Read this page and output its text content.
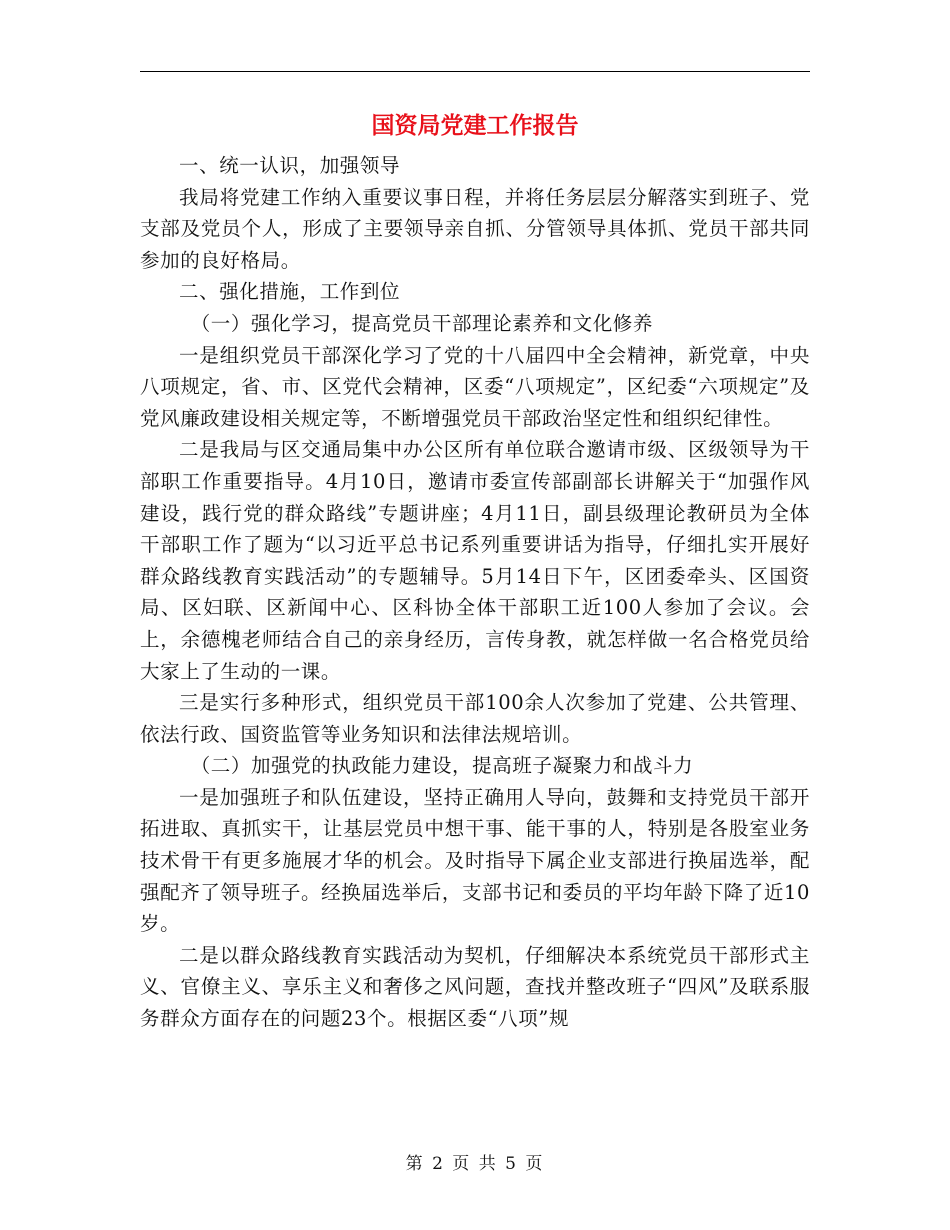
国资局党建工作报告

一、统一认识，加强领导

我局将党建工作纳入重要议事日程，并将任务层层分解落实到班子、党支部及党员个人，形成了主要领导亲自抓、分管领导具体抓、党员干部共同参加的良好格局。

二、强化措施，工作到位

（一）强化学习，提高党员干部理论素养和文化修养

一是组织党员干部深化学习了党的十八届四中全会精神，新党章，中央八项规定，省、市、区党代会精神，区委“八项规定”，区纪委“六项规定”及党风廉政建设相关规定等，不断增强党员干部政治坚定性和组织纪律性。

二是我局与区交通局集中办公区所有单位联合邀请市级、区级领导为干部职工作重要指导。4月10日，邀请市委宣传部副部长讲解关于“加强作风建设，践行党的群众路线”专题讲座；4月11日，副县级理论教研员为全体干部职工作了题为“以习近平总书记系列重要讲话为指导，仔细扎实开展好群众路线教育实践活动”的专题辅导。5月14日下午，区团委牵头、区国资局、区妇联、区新闻中心、区科协全体干部职工近100人参加了会议。会上，余德槐老师结合自己的亲身经历，言传身教，就怎样做一名合格党员给大家上了生动的一课。

三是实行多种形式，组织党员干部100余人次参加了党建、公共管理、依法行政、国资监管等业务知识和法律法规培训。

（二）加强党的执政能力建设，提高班子凝聚力和战斗力

一是加强班子和队伍建设，坚持正确用人导向，鼓舞和支持党员干部开拓进取、真抓实干，让基层党员中想干事、能干事的人，特别是各股室业务技术骨干有更多施展才华的机会。及时指导下属企业支部进行换届选举，配强配齐了领导班子。经换届选举后，支部书记和委员的平均年龄下降了近10岁。

二是以群众路线教育实践活动为契机，仔细解决本系统党员干部形式主义、官僚主义、享乐主义和奢侈之风问题，查找并整改班子“四风”及联系服务群众方面存在的问题23个。根据区委“八项”规

第 2 页 共 5 页
